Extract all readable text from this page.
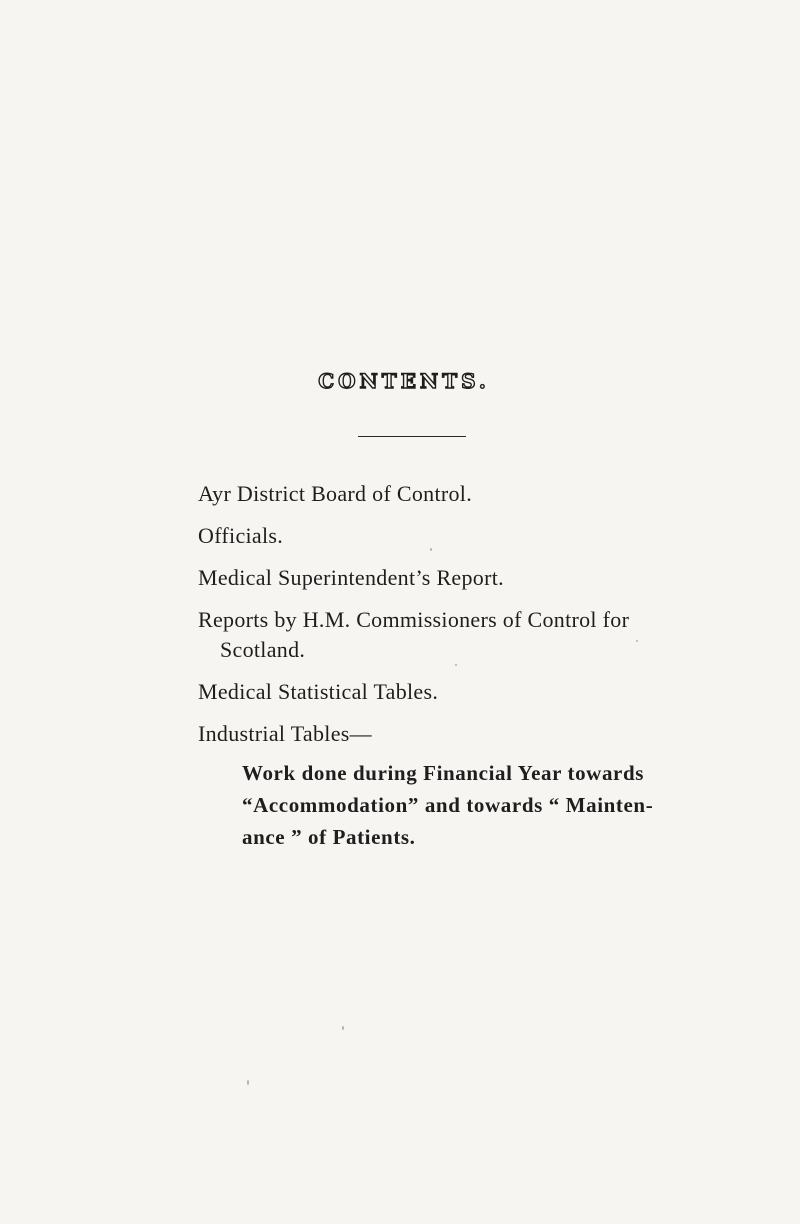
CONTENTS.
Ayr District Board of Control.
Officials.
Medical Superintendent’s Report.
Reports by H.M. Commissioners of Control for
Scotland.
Medical Statistical Tables.
Industrial Tables—
Work done during Financial Year towards
“Accommodation” and towards “ Mainten-
ance ” of Patients.
